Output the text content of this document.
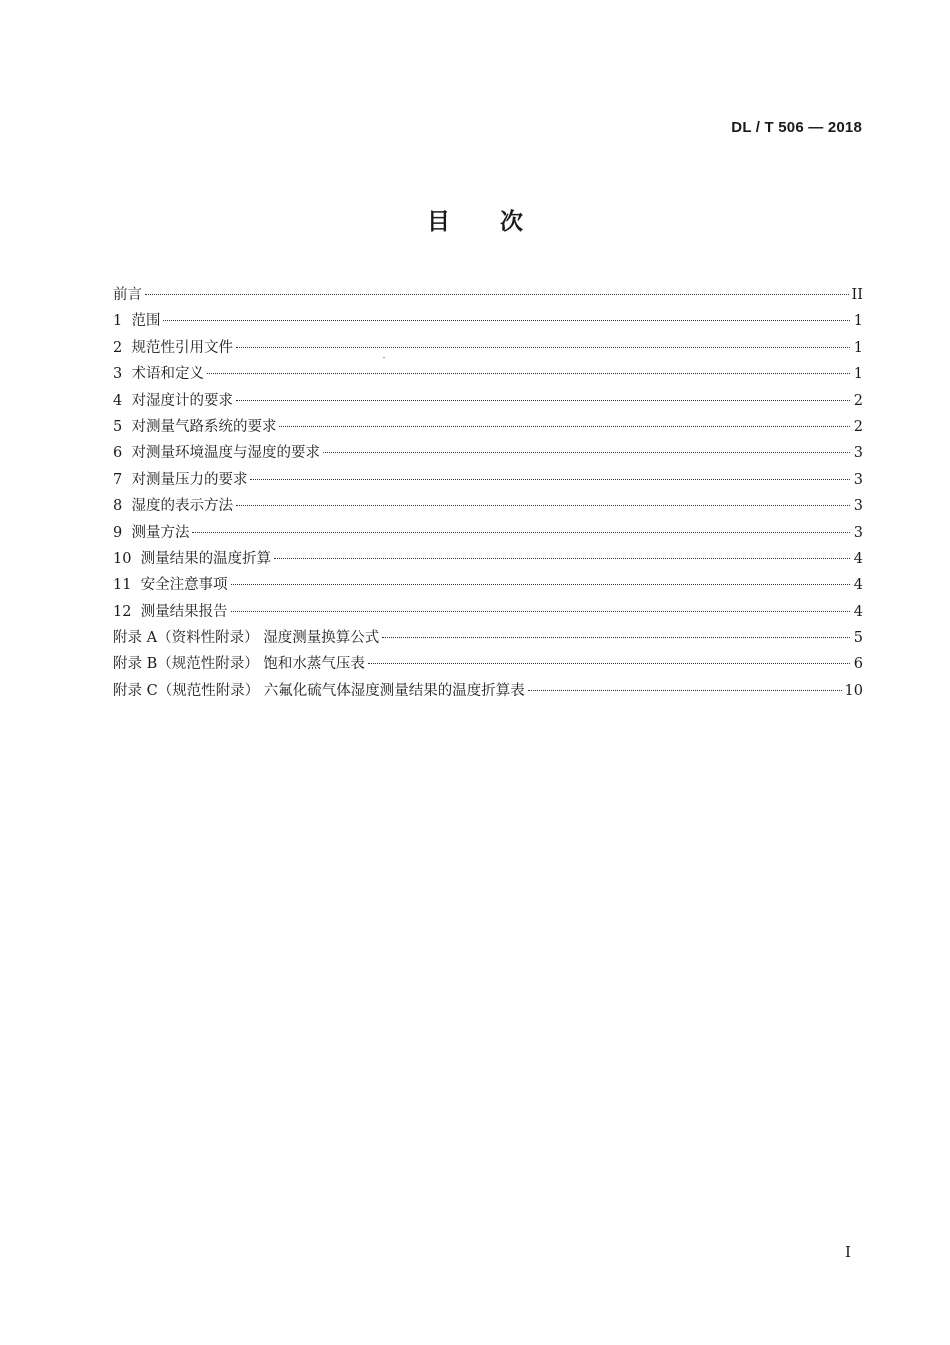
DL / T 506 — 2018
目 次
前言	II
1 范围	1
2 规范性引用文件	1
3 术语和定义	1
4 对湿度计的要求	2
5 对测量气路系统的要求	2
6 对测量环境温度与湿度的要求	3
7 对测量压力的要求	3
8 湿度的表示方法	3
9 测量方法	3
10 测量结果的温度折算	4
11 安全注意事项	4
12 测量结果报告	4
附录 A（资料性附录） 湿度测量换算公式	5
附录 B（规范性附录） 饱和水蒸气压表	6
附录 C（规范性附录） 六氟化硫气体湿度测量结果的温度折算表	10
I
